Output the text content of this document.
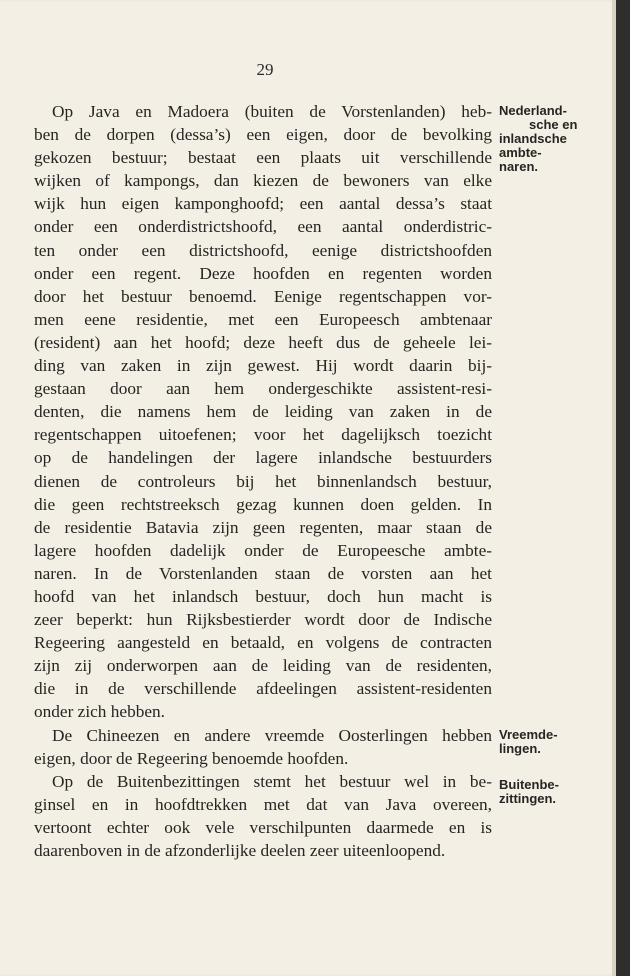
29
Op Java en Madoera (buiten de Vorstenlanden) heb-
ben de dorpen (dessa’s) een eigen, door de bevolking
gekozen bestuur; bestaat een plaats uit verschillende
wijken of kampongs, dan kiezen de bewoners van elke
wijk hun eigen kamponghoofd; een aantal dessa’s staat
onder een onderdistrictshoofd, een aantal onderdistric-
ten onder een districtshoofd, eenige districtshoofden
onder een regent. Deze hoofden en regenten worden
door het bestuur benoemd. Eenige regentschappen vor-
men eene residentie, met een Europeesch ambtenaar
(resident) aan het hoofd; deze heeft dus de geheele lei-
ding van zaken in zijn gewest. Hij wordt daarin bij-
gestaan door aan hem ondergeschikte assistent-resi-
denten, die namens hem de leiding van zaken in de
regentschappen uitoefenen; voor het dagelijksch toezicht
op de handelingen der lagere inlandsche bestuurders
dienen de controleurs bij het binnenlandsch bestuur,
die geen rechtstreeksch gezag kunnen doen gelden. In
de residentie Batavia zijn geen regenten, maar staan de
lagere hoofden dadelijk onder de Europeesche ambte-
naren. In de Vorstenlanden staan de vorsten aan het
hoofd van het inlandsch bestuur, doch hun macht is
zeer beperkt: hun Rijksbestierder wordt door de Indische
Regeering aangesteld en betaald, en volgens de contracten
zijn zij onderworpen aan de leiding van de residenten,
die in de verschillende afdeelingen assistent-residenten
onder zich hebben.
De Chineezen en andere vreemde Oosterlingen hebben
eigen, door de Regeering benoemde hoofden.
Op de Buitenbezittingen stemt het bestuur wel in be-
ginsel en in hoofdtrekken met dat van Java overeen,
vertoont echter ook vele verschilpunten daarmede en is
daarenboven in de afzonderlijke deelen zeer uiteenloopend.
Nederland-
sche en
inlandsche
ambte-
naren.
Vreemde-
lingen.
Buitenbe-
zittingen.
